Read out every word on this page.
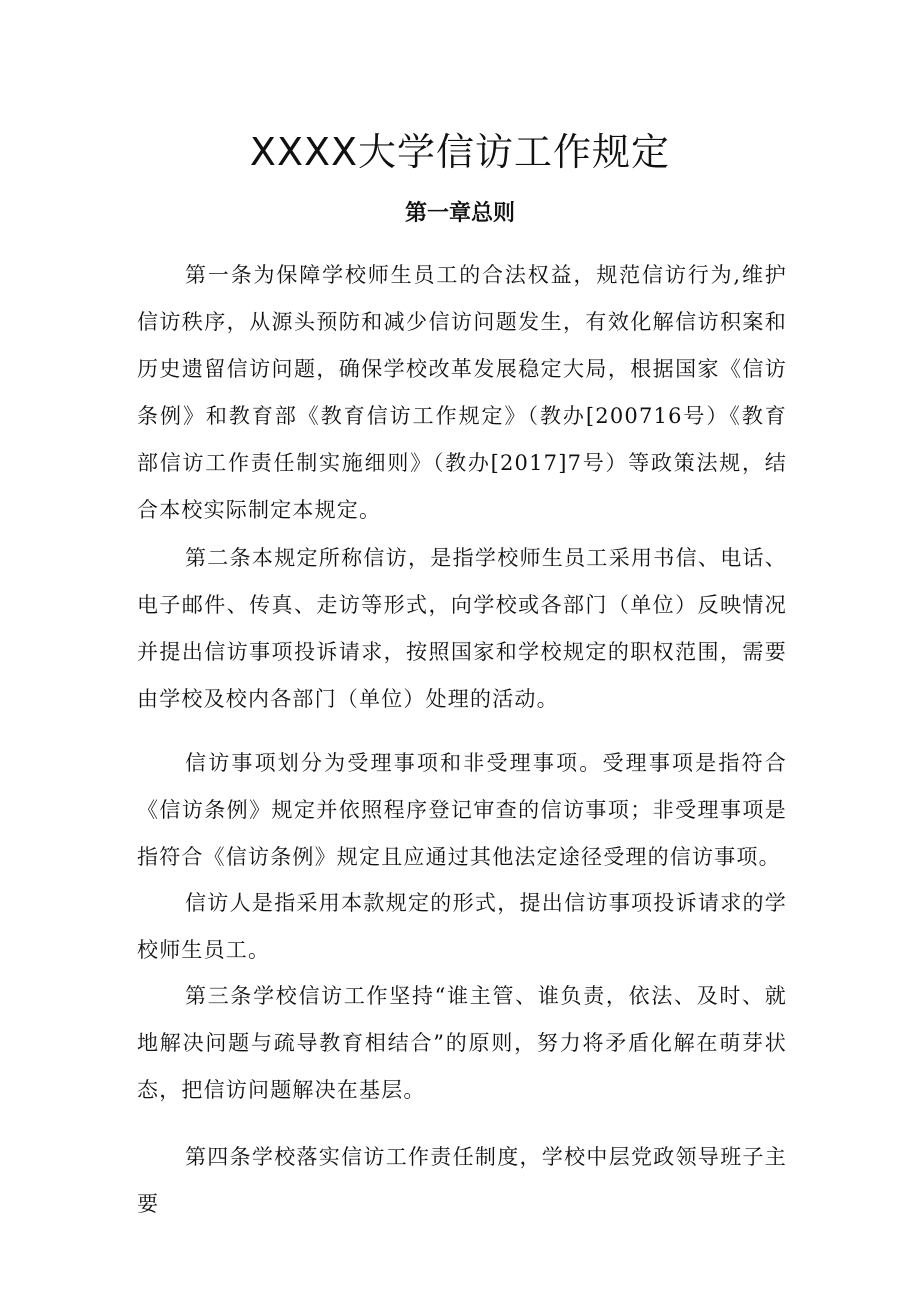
XXXX大学信访工作规定
第一章总则

第一条为保障学校师生员工的合法权益，规范信访行为,维护信访秩序，从源头预防和减少信访问题发生，有效化解信访积案和历史遗留信访问题，确保学校改革发展稳定大局，根据国家《信访条例》和教育部《教育信访工作规定》（教办[200716号）《教育部信访工作责任制实施细则》（教办[2017]7号）等政策法规，结合本校实际制定本规定。

第二条本规定所称信访，是指学校师生员工采用书信、电话、电子邮件、传真、走访等形式，向学校或各部门（单位）反映情况并提出信访事项投诉请求，按照国家和学校规定的职权范围，需要由学校及校内各部门（单位）处理的活动。

信访事项划分为受理事项和非受理事项。受理事项是指符合《信访条例》规定并依照程序登记审查的信访事项；非受理事项是指符合《信访条例》规定且应通过其他法定途径受理的信访事项。

信访人是指采用本款规定的形式，提出信访事项投诉请求的学校师生员工。

第三条学校信访工作坚持“谁主管、谁负责，依法、及时、就地解决问题与疏导教育相结合”的原则，努力将矛盾化解在萌芽状态，把信访问题解决在基层。

第四条学校落实信访工作责任制度，学校中层党政领导班子主要
